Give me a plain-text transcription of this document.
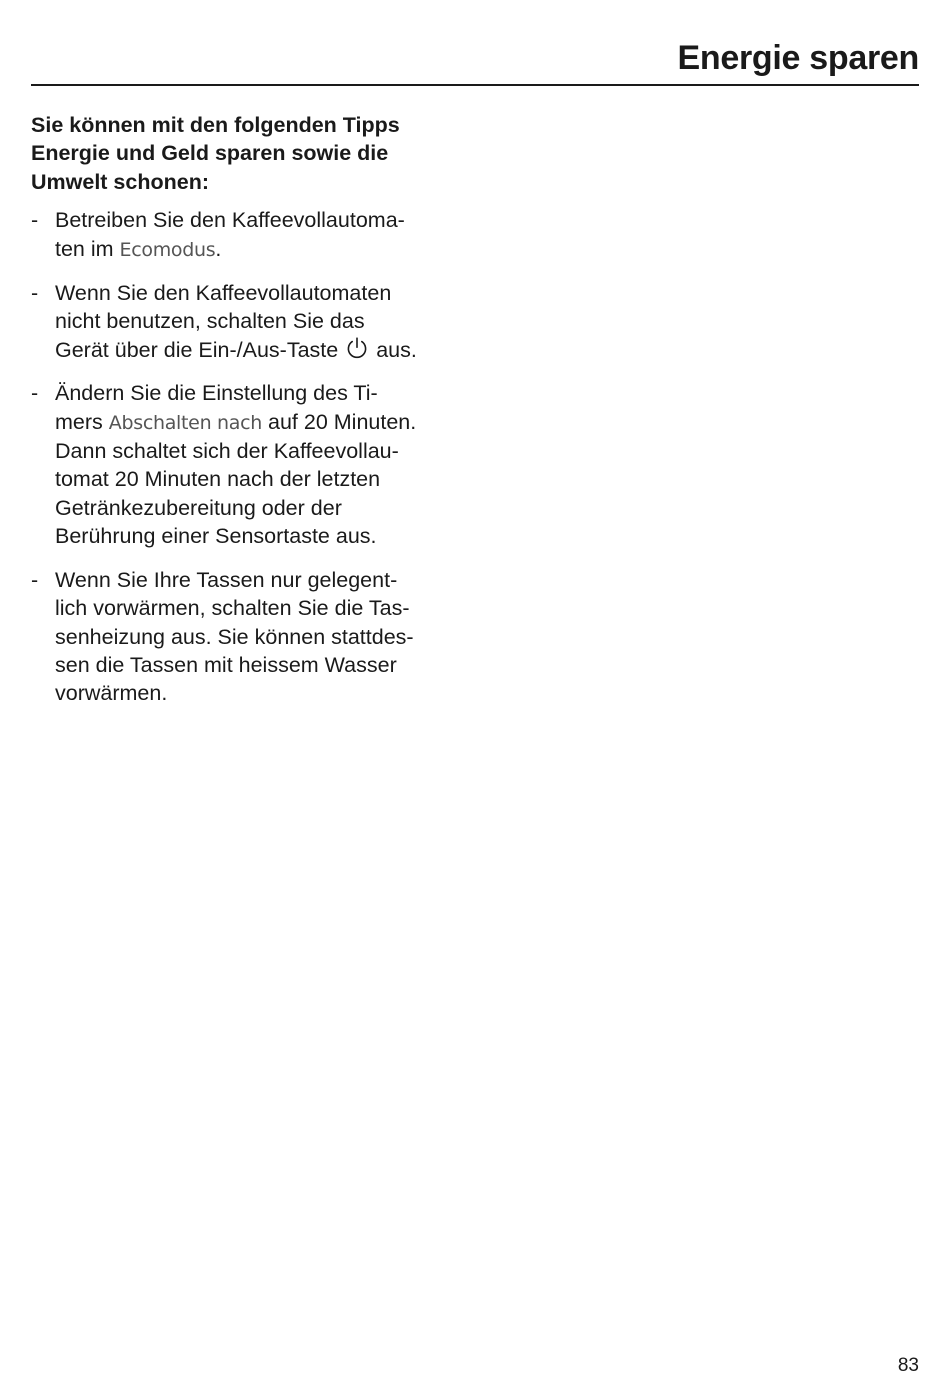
Energie sparen

Sie können mit den folgenden Tipps
Energie und Geld sparen sowie die
Umwelt schonen:

- Betreiben Sie den Kaffeevollautoma-
ten im Ecomodus.
- Wenn Sie den Kaffeevollautomaten
nicht benutzen, schalten Sie das
Gerät über die Ein-/Aus-Taste aus.
- Ändern Sie die Einstellung des Ti-
mers Abschalten nach auf 20 Minuten.
Dann schaltet sich der Kaffeevollau-
tomat 20 Minuten nach der letzten
Getränkezubereitung oder der
Berührung einer Sensortaste aus.
- Wenn Sie Ihre Tassen nur gelegent-
lich vorwärmen, schalten Sie die Tas-
senheizung aus. Sie können stattdes-
sen die Tassen mit heissem Wasser
vorwärmen.
83
